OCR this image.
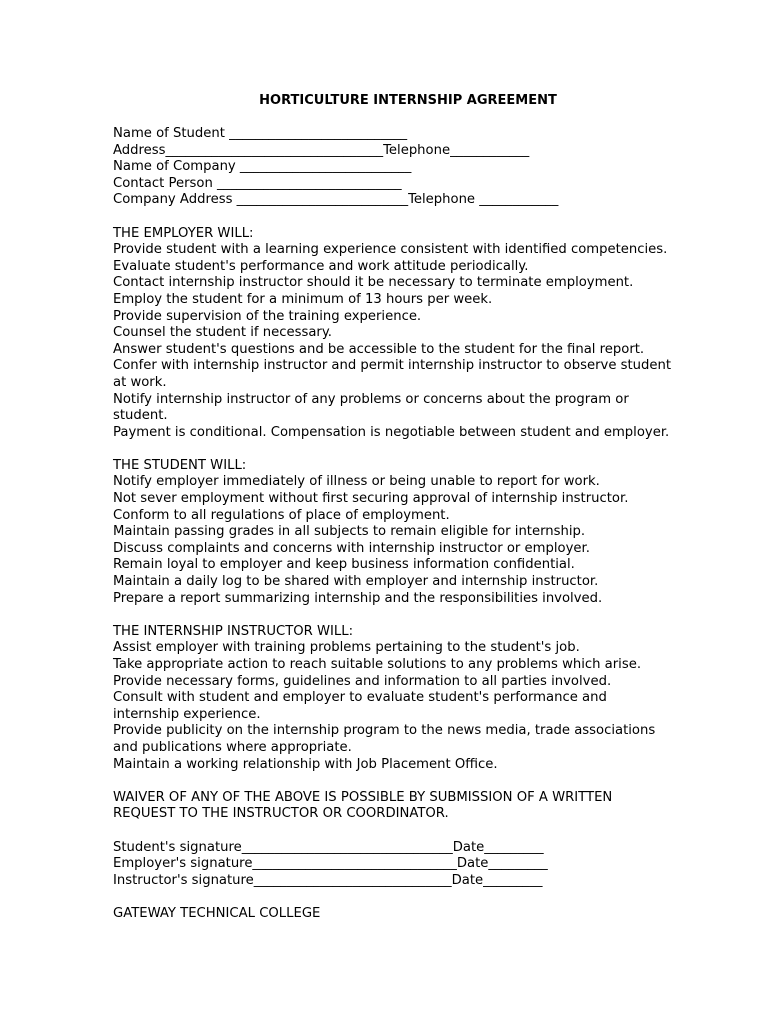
HORTICULTURE INTERNSHIP AGREEMENT
Name of Student ___________________________
Address_________________________________Telephone____________
Name of Company __________________________
Contact Person ____________________________
Company Address __________________________Telephone ____________
THE EMPLOYER WILL:
Provide student with a learning experience consistent with identified competencies.
Evaluate student's performance and work attitude periodically.
Contact internship instructor should it be necessary to terminate employment.
Employ the student for a minimum of 13 hours per week.
Provide supervision of the training experience.
Counsel the student if necessary.
Answer student's questions and be accessible to the student for the final report.
Confer with internship instructor and permit internship instructor to observe student
at work.
Notify internship instructor of any problems or concerns about the program or
student.
Payment is conditional. Compensation is negotiable between student and employer.
THE STUDENT WILL:
Notify employer immediately of illness or being unable to report for work.
Not sever employment without first securing approval of internship instructor.
Conform to all regulations of place of employment.
Maintain passing grades in all subjects to remain eligible for internship.
Discuss complaints and concerns with internship instructor or employer.
Remain loyal to employer and keep business information confidential.
Maintain a daily log to be shared with employer and internship instructor.
Prepare a report summarizing internship and the responsibilities involved.
THE INTERNSHIP INSTRUCTOR WILL:
Assist employer with training problems pertaining to the student's job.
Take appropriate action to reach suitable solutions to any problems which arise.
Provide necessary forms, guidelines and information to all parties involved.
Consult with student and employer to evaluate student's performance and
internship experience.
Provide publicity on the internship program to the news media, trade associations
and publications where appropriate.
Maintain a working relationship with Job Placement Office.
WAIVER OF ANY OF THE ABOVE IS POSSIBLE BY SUBMISSION OF A WRITTEN
REQUEST TO THE INSTRUCTOR OR COORDINATOR.
Student's signature________________________________Date_________
Employer's signature_______________________________Date_________
Instructor's signature______________________________Date_________
GATEWAY TECHNICAL COLLEGE
